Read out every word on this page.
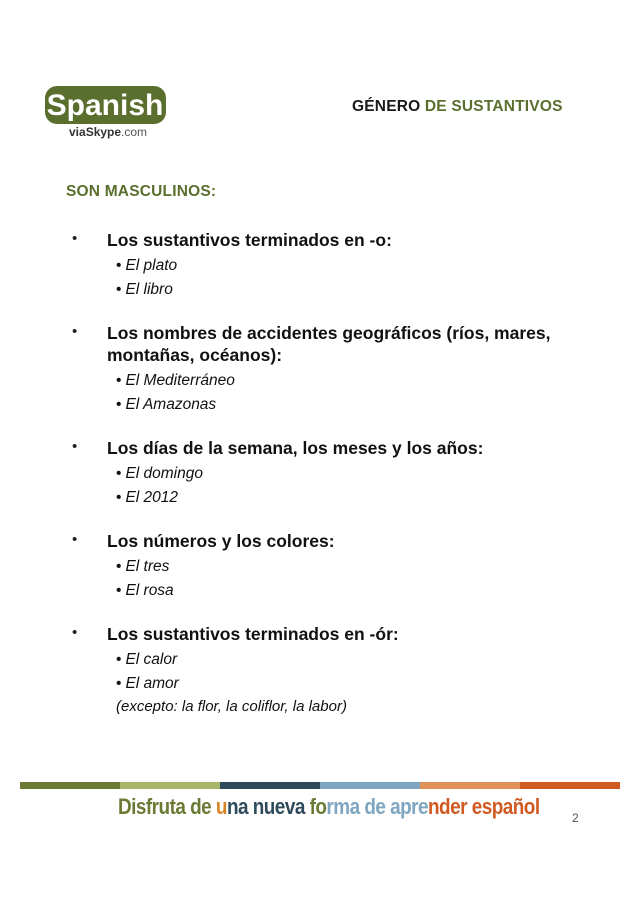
Spanish
viaSkype.com
GÉNERO DE SUSTANTIVOS
SON MASCULINOS:
• Los sustantivos terminados en -o:
• El plato
• El libro
• Los nombres de accidentes geográficos (ríos, mares, montañas, océanos):
• El Mediterráneo
• El Amazonas
• Los días de la semana, los meses y los años:
• El domingo
• El 2012
• Los números y los colores:
• El tres
• El rosa
• Los sustantivos terminados en -ór:
• El calor
• El amor
(excepto: la flor, la coliflor, la labor)
Disfruta de una nueva forma de aprender español	2
